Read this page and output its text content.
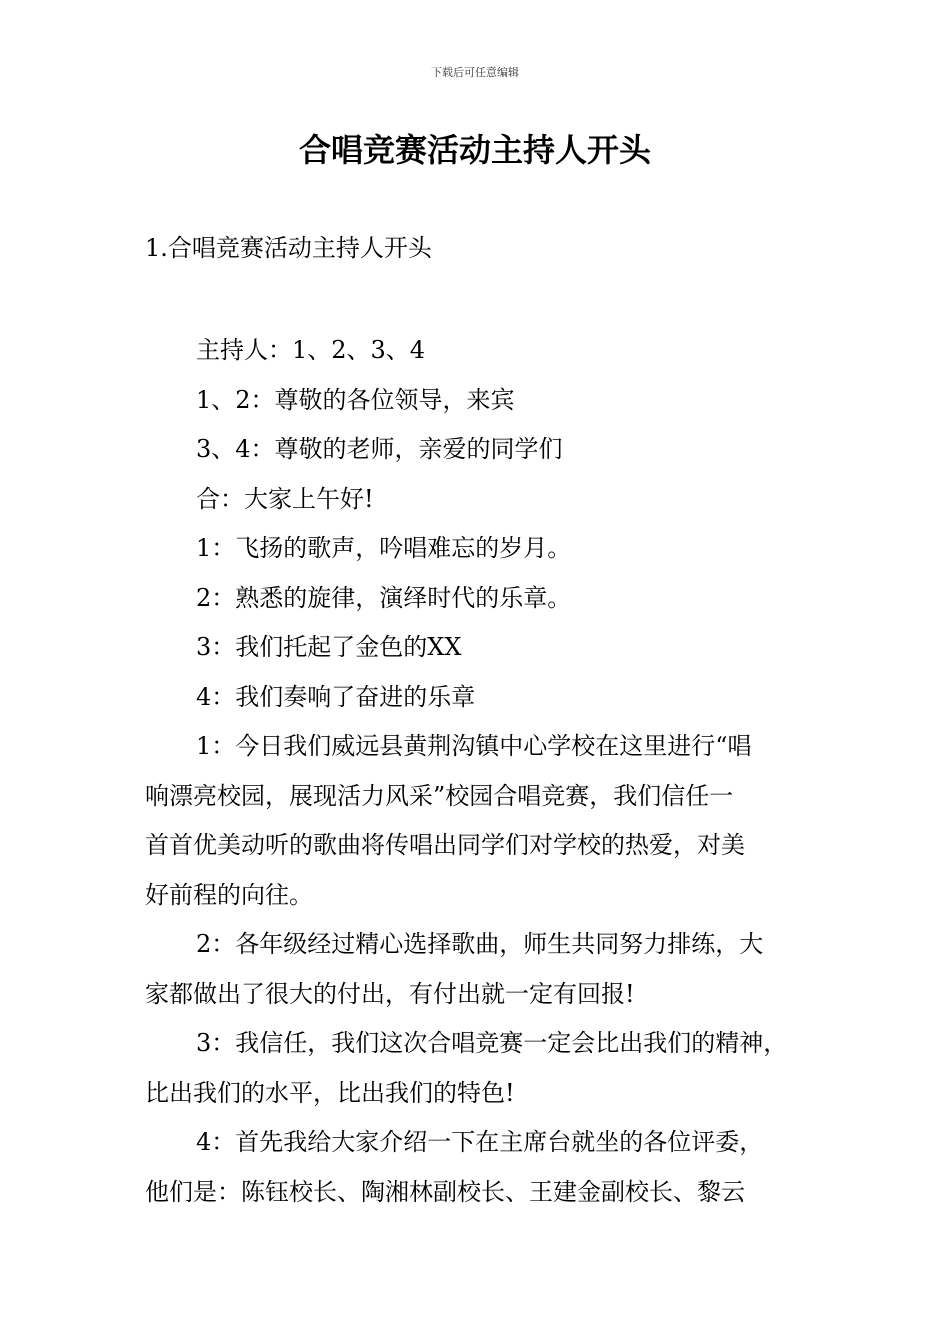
下载后可任意编辑
合唱竞赛活动主持人开头
1.合唱竞赛活动主持人开头

主持人：1、2、3、4

1、2：尊敬的各位领导，来宾

3、4：尊敬的老师，亲爱的同学们

合：大家上午好!

1：飞扬的歌声，吟唱难忘的岁月。

2：熟悉的旋律，演绎时代的乐章。

3：我们托起了金色的XX

4：我们奏响了奋进的乐章

1：今日我们威远县黄荆沟镇中心学校在这里进行“唱

响漂亮校园，展现活力风采”校园合唱竞赛，我们信任一

首首优美动听的歌曲将传唱出同学们对学校的热爱，对美

好前程的向往。

2：各年级经过精心选择歌曲，师生共同努力排练，大

家都做出了很大的付出，有付出就一定有回报!

3：我信任，我们这次合唱竞赛一定会比出我们的精神，

比出我们的水平，比出我们的特色!

4：首先我给大家介绍一下在主席台就坐的各位评委，

他们是：陈钰校长、陶湘林副校长、王建金副校长、黎云
